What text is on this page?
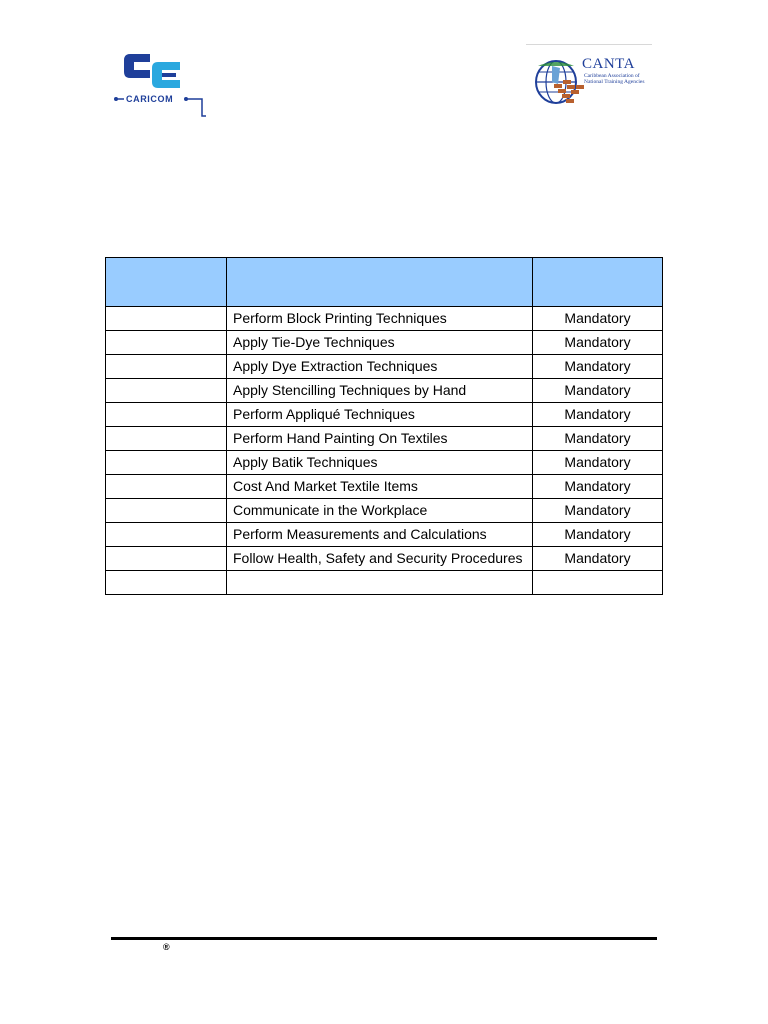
CARICOM
CANTA
Caribbean Association of National Training Agencies

	Perform Block Printing Techniques	Mandatory
	Apply Tie-Dye Techniques	Mandatory
	Apply Dye Extraction Techniques	Mandatory
	Apply Stencilling Techniques by Hand	Mandatory
	Perform Appliqué Techniques	Mandatory
	Perform Hand Painting On Textiles	Mandatory
	Apply Batik Techniques	Mandatory
	Cost And Market Textile Items	Mandatory
	Communicate in the Workplace	Mandatory
	Perform Measurements and Calculations	Mandatory
	Follow Health, Safety and Security Procedures	Mandatory

®
